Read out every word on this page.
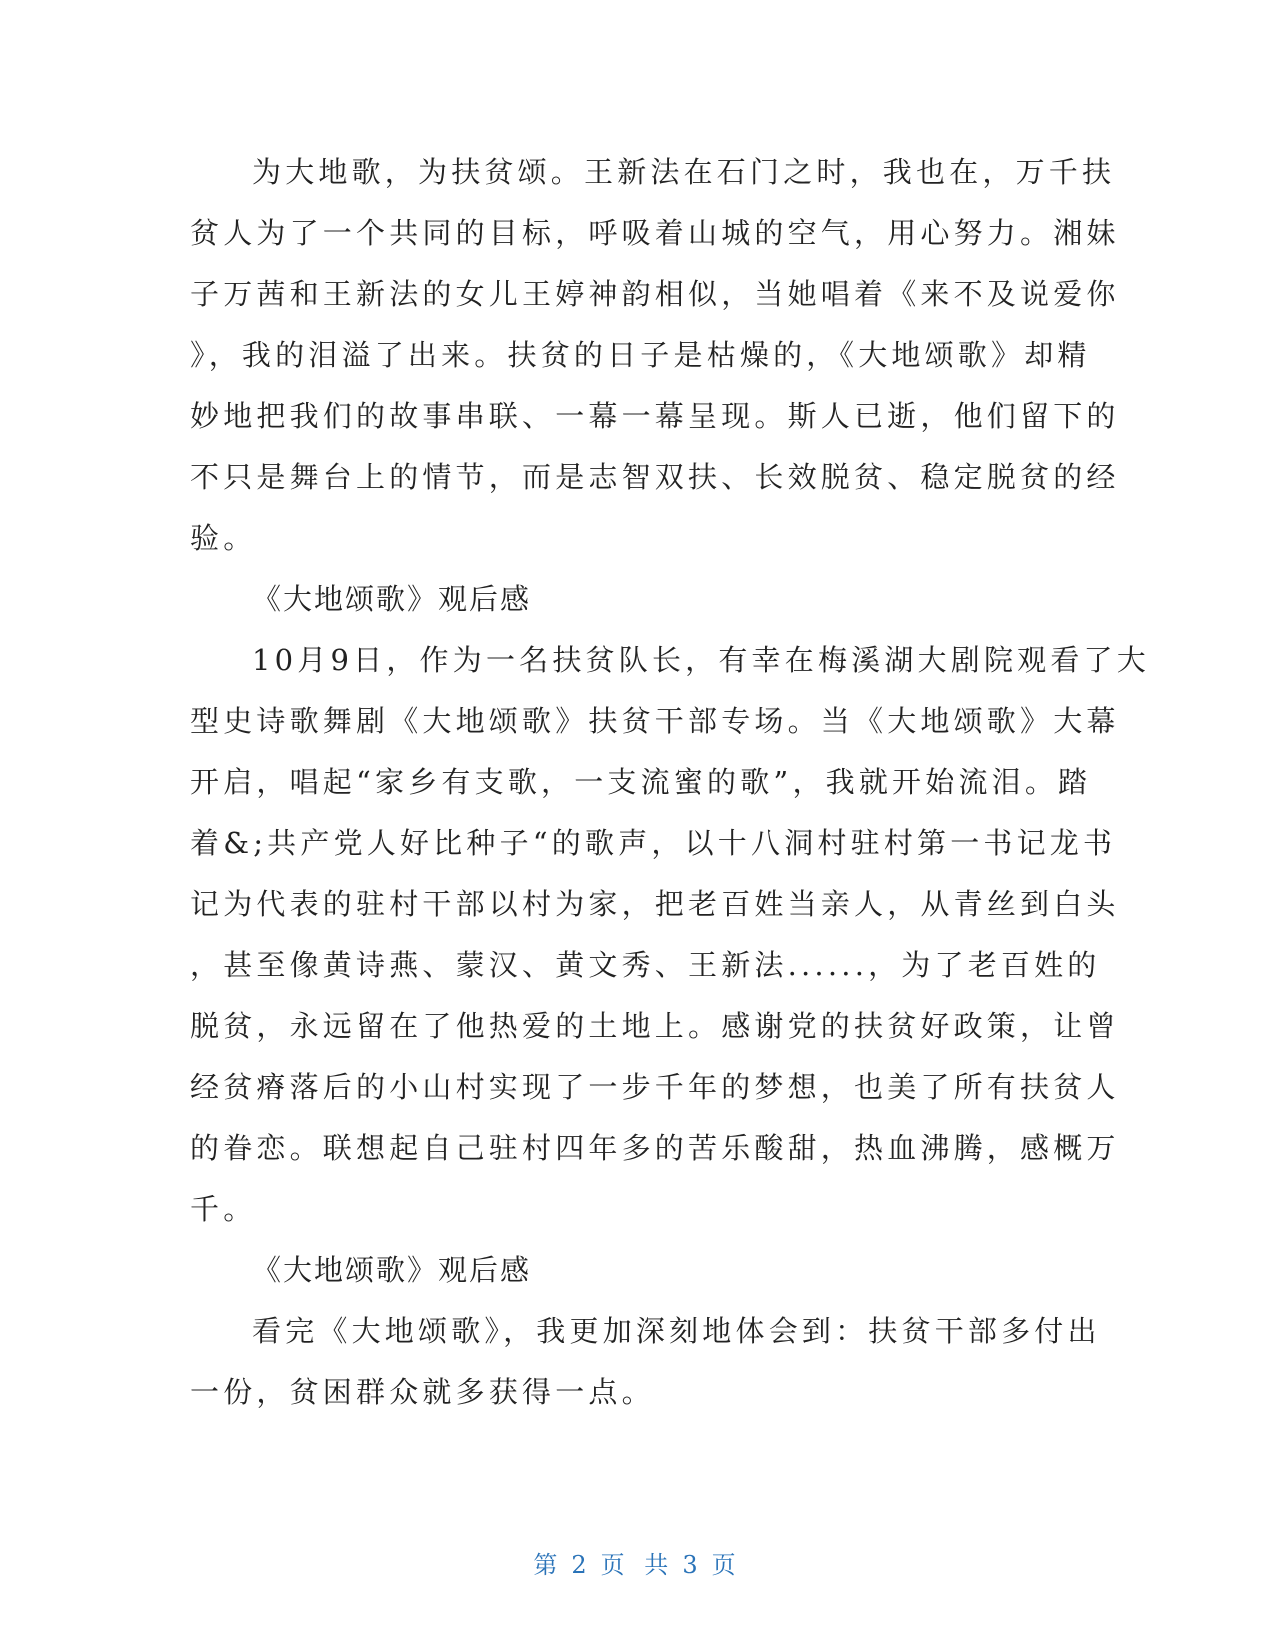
为大地歌，为扶贫颂。王新法在石门之时，我也在，万千扶
贫人为了一个共同的目标，呼吸着山城的空气，用心努力。湘妹
子万茜和王新法的女儿王婷神韵相似，当她唱着《来不及说爱你
》，我的泪溢了出来。扶贫的日子是枯燥的，《大地颂歌》却精
妙地把我们的故事串联、一幕一幕呈现。斯人已逝，他们留下的
不只是舞台上的情节，而是志智双扶、长效脱贫、稳定脱贫的经
验。
《大地颂歌》观后感
10月9日，作为一名扶贫队长，有幸在梅溪湖大剧院观看了大
型史诗歌舞剧《大地颂歌》扶贫干部专场。当《大地颂歌》大幕
开启，唱起“家乡有支歌，一支流蜜的歌”，我就开始流泪。踏
着&;共产党人好比种子“的歌声，以十八洞村驻村第一书记龙书
记为代表的驻村干部以村为家，把老百姓当亲人，从青丝到白头
，甚至像黄诗燕、蒙汉、黄文秀、王新法......，为了老百姓的
脱贫，永远留在了他热爱的土地上。感谢党的扶贫好政策，让曾
经贫瘠落后的小山村实现了一步千年的梦想，也美了所有扶贫人
的眷恋。联想起自己驻村四年多的苦乐酸甜，热血沸腾，感概万
千。
《大地颂歌》观后感
看完《大地颂歌》，我更加深刻地体会到：扶贫干部多付出
一份，贫困群众就多获得一点。
第 2 页 共 3 页
